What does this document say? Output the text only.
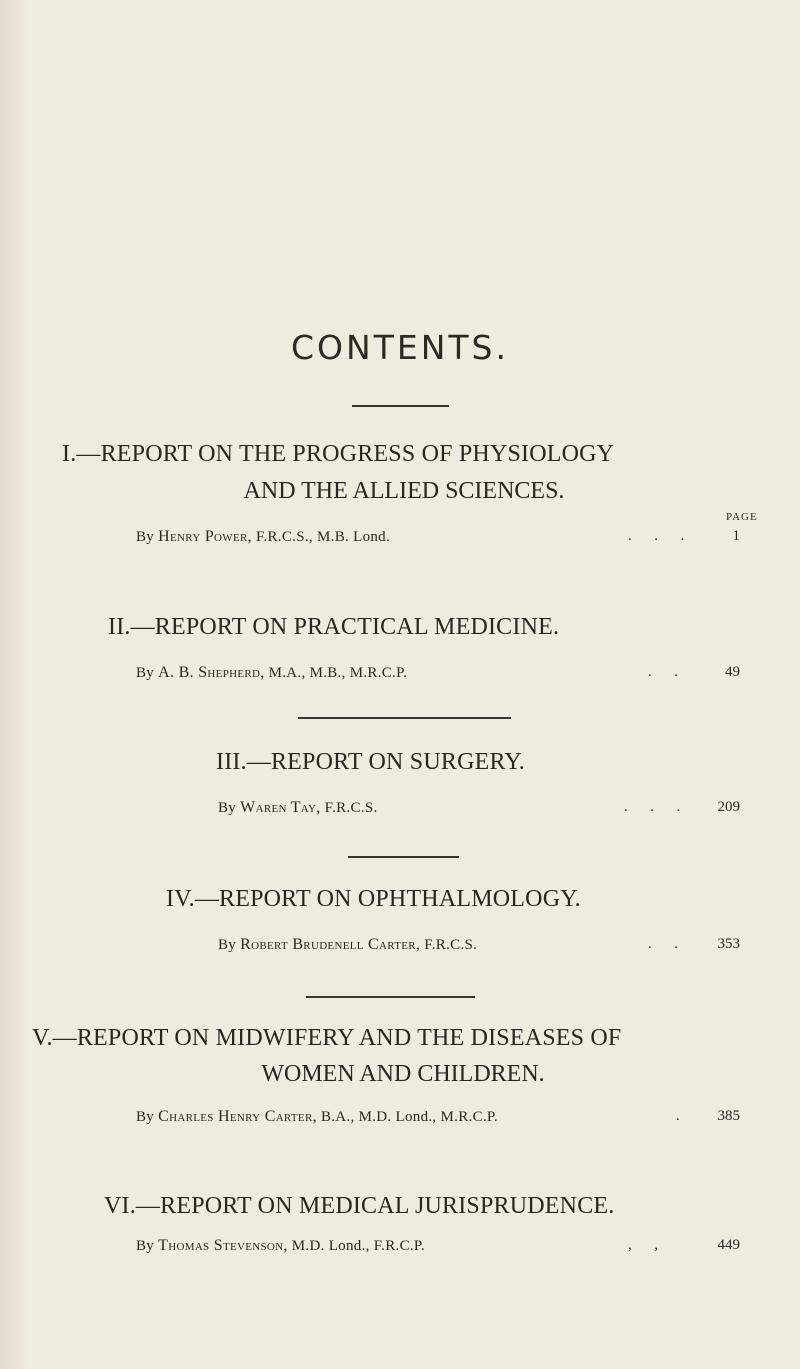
CONTENTS.
I.—REPORT ON THE PROGRESS OF PHYSIOLOGY
AND THE ALLIED SCIENCES.
PAGE
By Henry Power, F.R.C.S., M.B. Lond.	.      .      .	1
II.—REPORT ON PRACTICAL MEDICINE.
By A. B. Shepherd, M.A., M.B., M.R.C.P.	.      .	49
III.—REPORT ON SURGERY.
By Waren Tay, F.R.C.S.	.      .      .	209
IV.—REPORT ON OPHTHALMOLOGY.
By Robert Brudenell Carter, F.R.C.S.	.      .	353
V.—REPORT ON MIDWIFERY AND THE DISEASES OF
WOMEN AND CHILDREN.
By Charles Henry Carter, B.A., M.D. Lond., M.R.C.P.	.	385
VI.—REPORT ON MEDICAL JURISPRUDENCE.
By Thomas Stevenson, M.D. Lond., F.R.C.P.	,      ,	449
